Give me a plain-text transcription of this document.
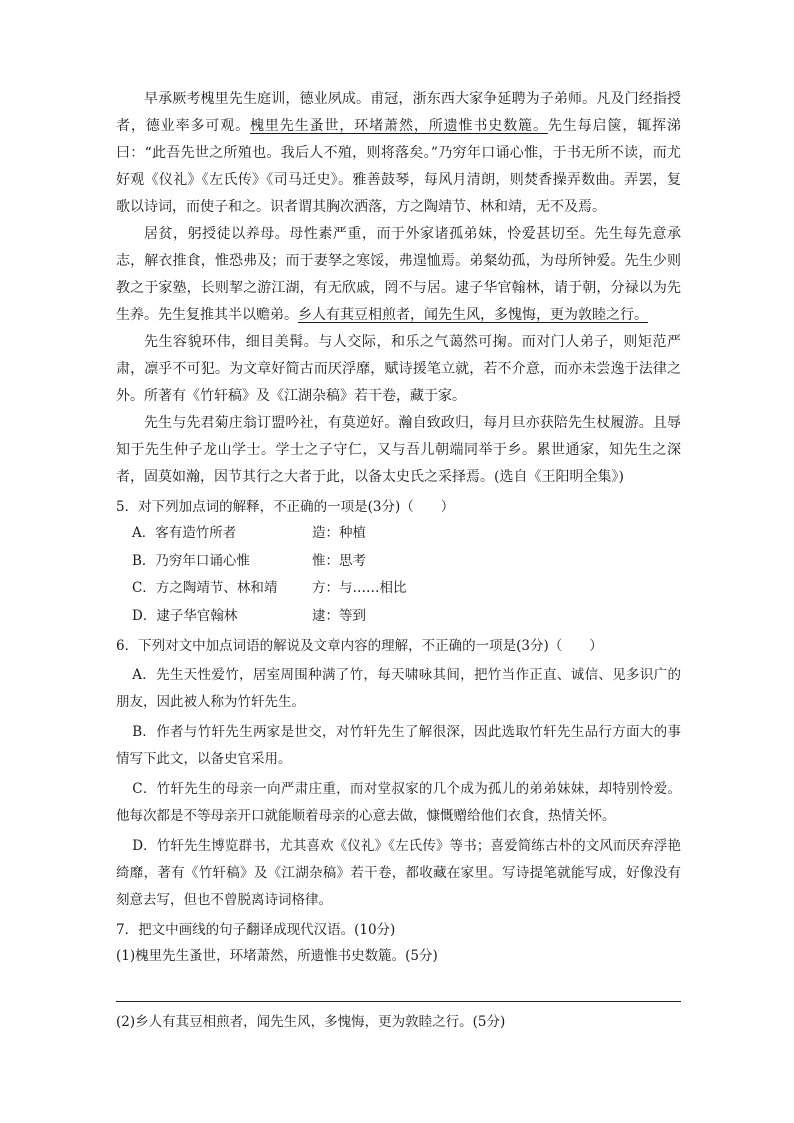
早承厥考槐里先生庭训，德业夙成。甫冠，浙东西大家争延聘为子弟师。凡及门经指授者，德业率多可观。槐里先生蚤世，环堵萧然，所遗惟书史数簏。先生每启箧，辄挥涕曰：“此吾先世之所殖也。我后人不殖，则将落矣。”乃穷年口诵心惟，于书无所不读，而尤好观《仪礼》《左氏传》《司马迁史》。雅善鼓琴，每风月清朗，则焚香操弄数曲。弄罢，复歌以诗词，而使子和之。识者谓其胸次洒落，方之陶靖节、林和靖，无不及焉。

居贫，躬授徒以养母。母性素严重，而于外家诸孤弟妹，怜爱甚切至。先生每先意承志，解衣推食，惟恐弗及；而于妻孥之寒馁，弗遑恤焉。弟粲幼孤，为母所钟爱。先生少则教之于家塾，长则挈之游江湖，有无欣戚，罔不与居。逮子华官翰林，请于朝，分禄以为先生养。先生复推其半以赡弟。乡人有萁豆相煎者，闻先生风，多愧悔，更为敦睦之行。

先生容貌环伟，细目美髯。与人交际，和乐之气蔼然可掬。而对门人弟子，则矩范严肃，凛乎不可犯。为文章好简古而厌浮靡，赋诗援笔立就，若不介意，而亦未尝逸于法律之外。所著有《竹轩稿》及《江湖杂稿》若干卷，藏于家。

先生与先君菊庄翁订盟吟社，有莫逆好。瀚自致政归，每月旦亦获陪先生杖履游。且辱知于先生仲子龙山学士。学士之子守仁，又与吾儿朝端同举于乡。累世通家，知先生之深者，固莫如瀚，因节其行之大者于此，以备太史氏之采择焉。(选自《王阳明全集》)

5．对下列加点词的解释，不正确的一项是(3分)（　　）

A．客有造竹所者	造：种植
B．乃穷年口诵心惟	惟：思考
C．方之陶靖节、林和靖	方：与……相比
D．逮子华官翰林	逮：等到

6．下列对文中加点词语的解说及文章内容的理解，不正确的一项是(3分)（　　）

A．先生天性爱竹，居室周围种满了竹，每天啸咏其间，把竹当作正直、诚信、见多识广的朋友，因此被人称为竹轩先生。

B．作者与竹轩先生两家是世交，对竹轩先生了解很深，因此选取竹轩先生品行方面大的事情写下此文，以备史官采用。

C．竹轩先生的母亲一向严肃庄重，而对堂叔家的几个成为孤儿的弟弟妹妹，却特别怜爱。他每次都是不等母亲开口就能顺着母亲的心意去做，慷慨赠给他们衣食，热情关怀。

D．竹轩先生博览群书，尤其喜欢《仪礼》《左氏传》等书；喜爱简练古朴的文风而厌弃浮艳绮靡，著有《竹轩稿》及《江湖杂稿》若干卷，都收藏在家里。写诗提笔就能写成，好像没有刻意去写，但也不曾脱离诗词格律。

7．把文中画线的句子翻译成现代汉语。(10分)

(1)槐里先生蚤世，环堵萧然，所遗惟书史数簏。(5分)

(2)乡人有萁豆相煎者，闻先生风，多愧悔，更为敦睦之行。(5分)
